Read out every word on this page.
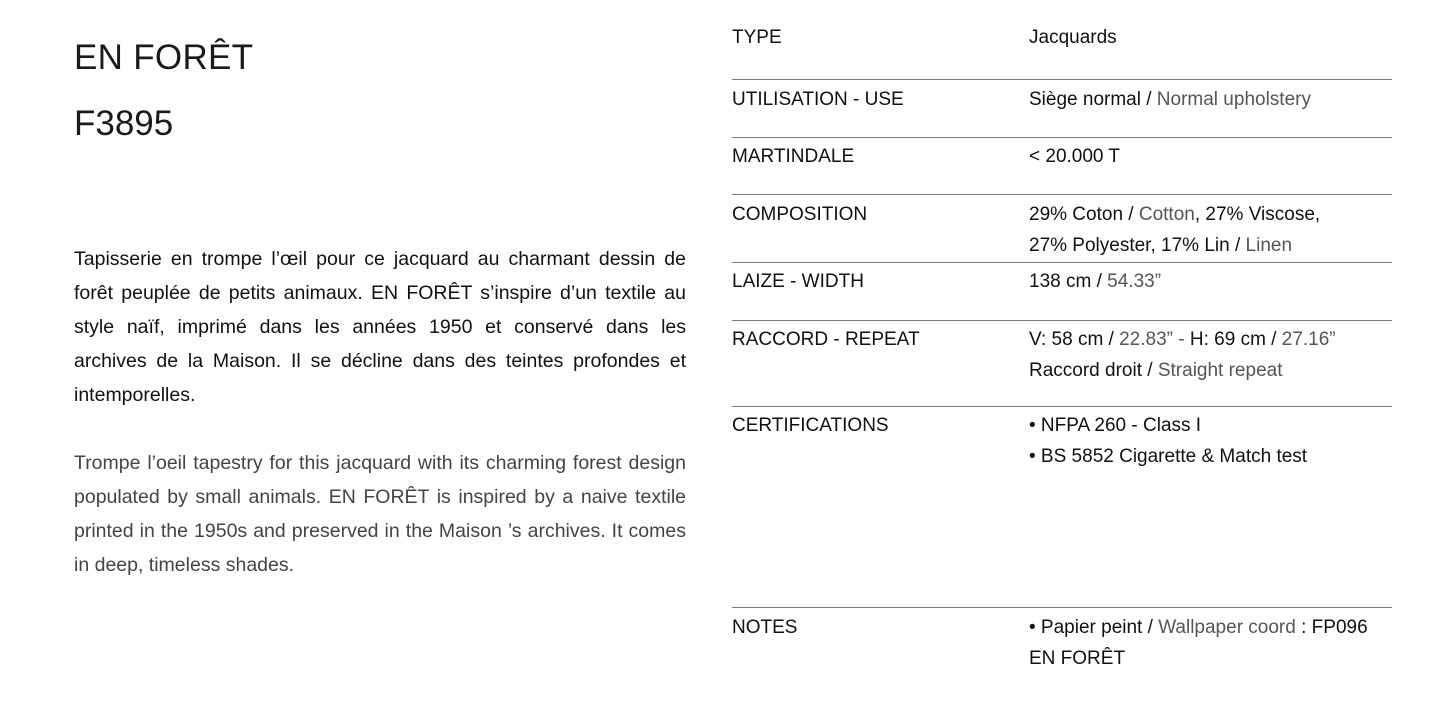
EN FORÊT
F3895

Tapisserie en trompe l’œil pour ce jacquard au charmant dessin de forêt peuplée de petits animaux. EN FORÊT s’inspire d’un textile au style naïf, imprimé dans les années 1950 et conservé dans les archives de la Maison. Il se décline dans des teintes profondes et intemporelles.

Trompe l’oeil tapestry for this jacquard with its charming forest design populated by small animals. EN FORÊT is inspired by a naive textile printed in the 1950s and preserved in the Maison ’s archives. It comes in deep, timeless shades.

TYPE	Jacquards
UTILISATION - USE	Siège normal / Normal upholstery
MARTINDALE	< 20.000 T
COMPOSITION	29% Coton / Cotton, 27% Viscose,
27% Polyester, 17% Lin / Linen
LAIZE - WIDTH	138 cm / 54.33”
RACCORD - REPEAT	V: 58 cm / 22.83” - H: 69 cm / 27.16”
Raccord droit / Straight repeat
CERTIFICATIONS	• NFPA 260 - Class I
• BS 5852 Cigarette & Match test
NOTES	• Papier peint / Wallpaper coord : FP096
EN FORÊT
